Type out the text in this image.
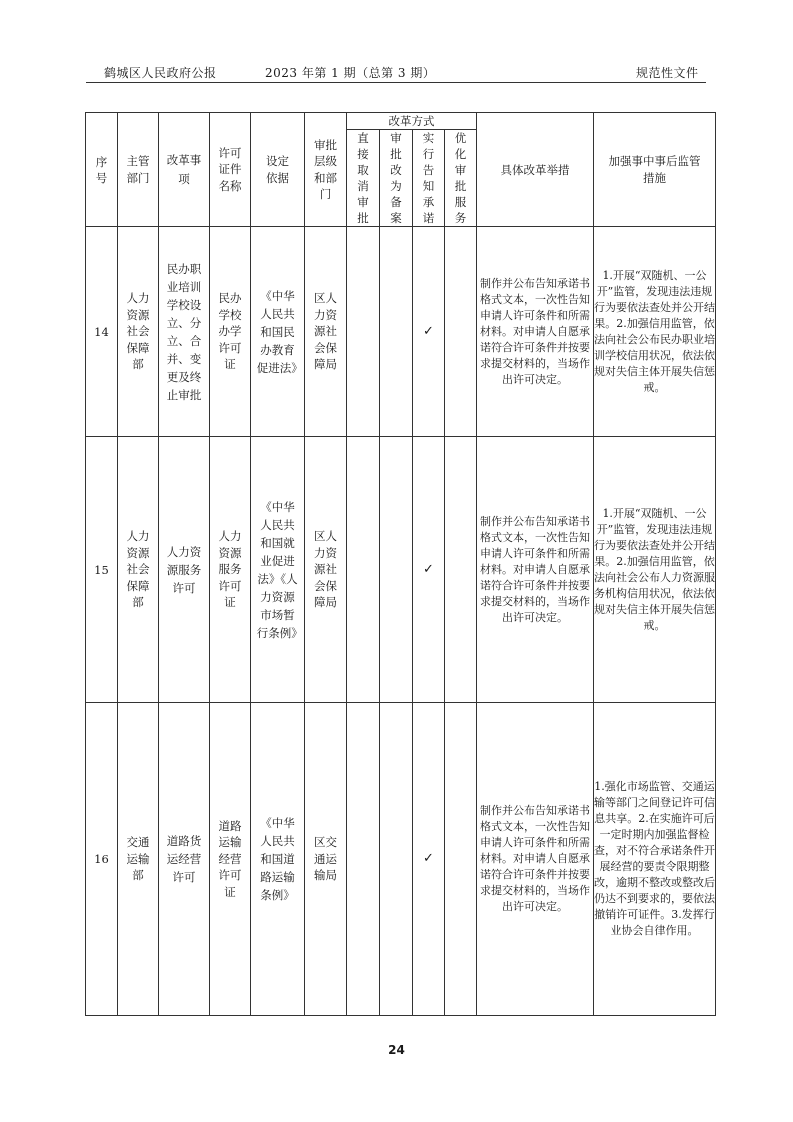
鹤城区人民政府公报	2023 年第 1 期（总第 3 期）	规范性文件
序号	主管部门	改革事项	许可证件名称	设定依据	审批层级和部门	改革方式				具体改革举措	加强事中事后监管措施
						直接取消审批	审批改为备案	实行告知承诺	优化审批服务		
14	人力资源社会保障部	民办职业培训学校设立、分立、合并、变更及终止审批	民办学校办学许可证	《中华人民共和国民办教育促进法》	区人力资源社会保障局			✓		制作并公布告知承诺书格式文本，一次性告知申请人许可条件和所需材料。对申请人自愿承诺符合许可条件并按要求提交材料的，当场作出许可决定。	1.开展“双随机、一公开”监管，发现违法违规行为要依法查处并公开结果。2.加强信用监管，依法向社会公布民办职业培训学校信用状况，依法依规对失信主体开展失信惩戒。
15	人力资源社会保障部	人力资源服务许可	人力资源服务许可证	《中华人民共和国就业促进法》《人力资源市场暂行条例》	区人力资源社会保障局			✓		制作并公布告知承诺书格式文本，一次性告知申请人许可条件和所需材料。对申请人自愿承诺符合许可条件并按要求提交材料的，当场作出许可决定。	1.开展“双随机、一公开”监管，发现违法违规行为要依法查处并公开结果。2.加强信用监管，依法向社会公布人力资源服务机构信用状况，依法依规对失信主体开展失信惩戒。
16	交通运输部	道路货运经营许可	道路运输经营许可证	《中华人民共和国道路运输条例》	区交通运输局			✓		制作并公布告知承诺书格式文本，一次性告知申请人许可条件和所需材料。对申请人自愿承诺符合许可条件并按要求提交材料的，当场作出许可决定。	1.强化市场监管、交通运输等部门之间登记许可信息共享。2.在实施许可后一定时期内加强监督检查，对不符合承诺条件开展经营的要责令限期整改，逾期不整改或整改后仍达不到要求的，要依法撤销许可证件。3.发挥行业协会自律作用。
24
